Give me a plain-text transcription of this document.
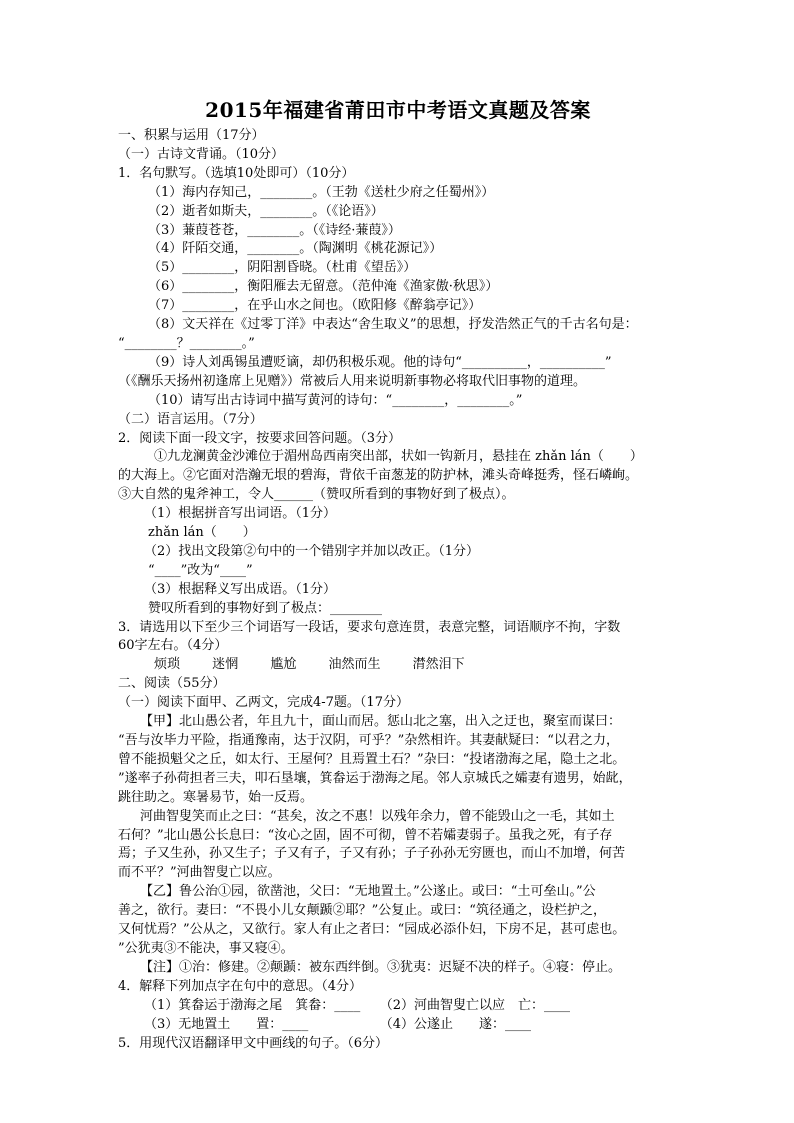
2015年福建省莆田市中考语文真题及答案
一、积累与运用（17分）
（一）古诗文背诵。（10分）
1．名句默写。（选填10处即可）（10分）
（1）海内存知己，________。（王勃《送杜少府之任蜀州》）
（2）逝者如斯夫，________。（《论语》）
（3）蒹葭苍苍，________。（《诗经·蒹葭》）
（4）阡陌交通，________。（陶渊明《桃花源记》）
（5）________，阴阳割昏晓。（杜甫《望岳》）
（6）________，衡阳雁去无留意。（范仲淹《渔家傲·秋思》）
（7）________，在乎山水之间也。（欧阳修《醉翁亭记》）
（8）文天祥在《过零丁洋》中表达“舍生取义”的思想，抒发浩然正气的千古名句是：
“________？________。”
（9）诗人刘禹锡虽遭贬谪，却仍积极乐观。他的诗句“__________，__________”
（《酬乐天扬州初逢席上见赠》）常被后人用来说明新事物必将取代旧事物的道理。
（10）请写出古诗词中描写黄河的诗句：“________，________。”
（二）语言运用。（7分）
2．阅读下面一段文字，按要求回答问题。（3分）
①九龙澜黄金沙滩位于湄州岛西南突出部，状如一钩新月，悬挂在 zhǎn lán（　　）
的大海上。②它面对浩瀚无垠的碧海，背依千亩葱茏的防护林，滩头奇峰挺秀，怪石嶙峋。
③大自然的鬼斧神工，令人______（赞叹所看到的事物好到了极点）。
（1）根据拼音写出词语。（1分）
zhǎn lán（　　）
（2）找出文段第②句中的一个错别字并加以改正。（1分）
“____”改为“____”
（3）根据释义写出成语。（1分）
赞叹所看到的事物好到了极点：________
3．请选用以下至少三个词语写一段话，要求句意连贯，表意完整，词语顺序不拘，字数
60字左右。（4分）
烦琐 迷惘 尴尬 油然而生 潸然泪下
二、阅读（55分）
（一）阅读下面甲、乙两文，完成4-7题。（17分）
【甲】北山愚公者，年且九十，面山而居。惩山北之塞，出入之迂也，聚室而谋曰：
“吾与汝毕力平险，指通豫南，达于汉阴，可乎？”杂然相许。其妻献疑曰：“以君之力，
曾不能损魁父之丘，如太行、王屋何？且焉置土石？”杂曰：“投诸渤海之尾，隐土之北。
”遂率子孙荷担者三夫，叩石垦壤，箕畚运于渤海之尾。邻人京城氏之孀妻有遗男，始龀，
跳往助之。寒暑易节，始一反焉。
河曲智叟笑而止之曰：“甚矣，汝之不惠！以残年余力，曾不能毁山之一毛，其如土
石何？”北山愚公长息曰：“汝心之固，固不可彻，曾不若孀妻弱子。虽我之死，有子存
焉；子又生孙，孙又生子；子又有子，子又有孙；子子孙孙无穷匮也，而山不加增，何苦
而不平？”河曲智叟亡以应。
【乙】鲁公治①园，欲凿池，父曰：“无地置土。”公遂止。或曰：“土可垒山。”公
善之，欲行。妻曰：“不畏小儿女颠踬②耶？”公复止。或曰：“筑径通之，设栏护之，
又何忧焉？”公从之，又欲行。家人有止之者曰：“园成必添仆妇，下房不足，甚可虑也。
”公犹夷③不能决，事又寝④。
【注】①治：修建。②颠踬：被东西绊倒。③犹夷：迟疑不决的样子。④寝：停止。
4．解释下列加点字在句中的意思。（4分）
（1）箕畚运于渤海之尾　箕畚：____　　（2）河曲智叟亡以应　亡：____
（3）无地置土　　置：____　　　　　　（4）公遂止　　遂：____
5．用现代汉语翻译甲文中画线的句子。（6分）
